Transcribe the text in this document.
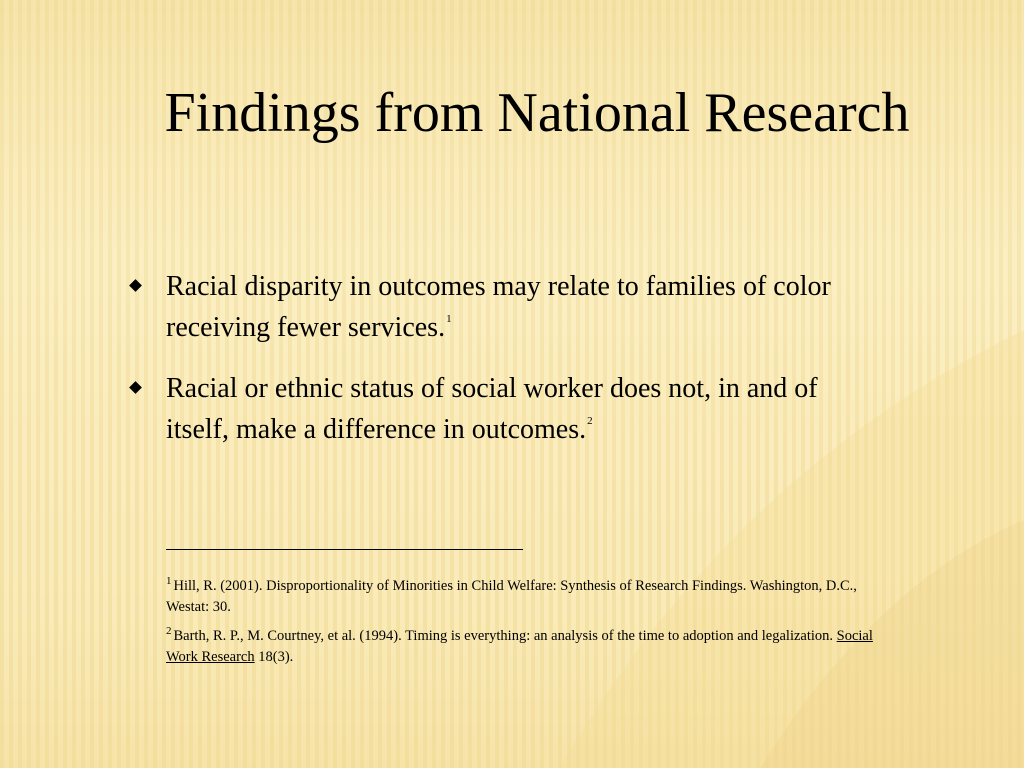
Findings from National Research
Racial disparity in outcomes may relate to families of color receiving fewer services.$^1$
Racial or ethnic status of social worker does not, in and of itself, make a difference in outcomes.$^2$
$^1$ Hill, R. (2001). Disproportionality of Minorities in Child Welfare: Synthesis of Research Findings. Washington, D.C., Westat: 30.
$^2$ Barth, R. P., M. Courtney, et al. (1994). Timing is everything: an analysis of the time to adoption and legalization. Social Work Research 18(3).
